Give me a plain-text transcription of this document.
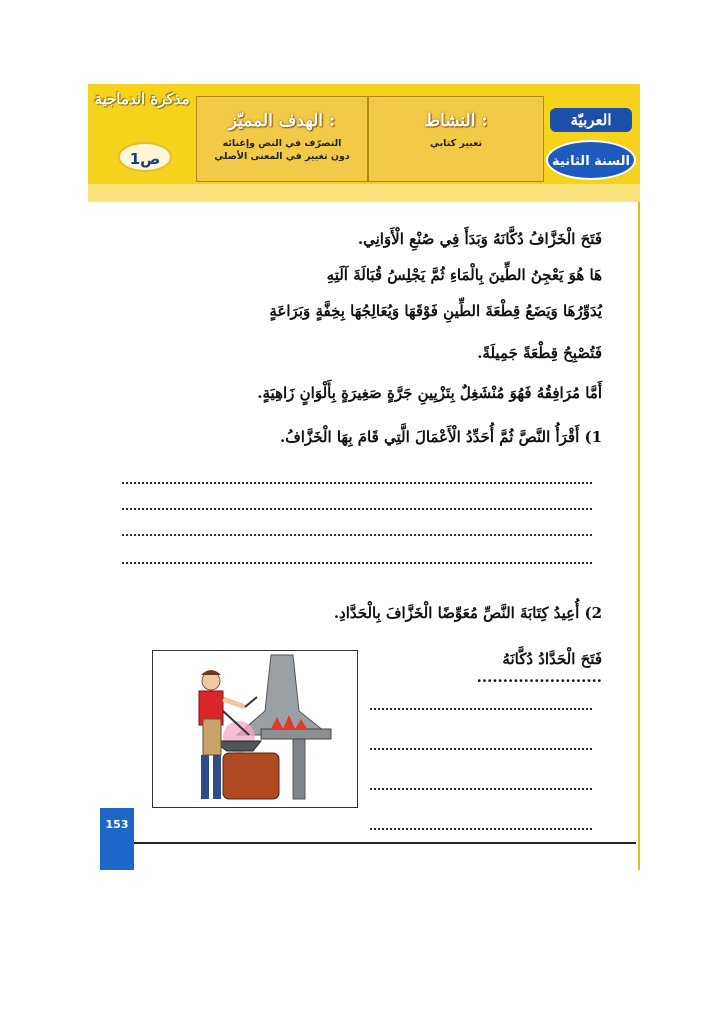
مذكرة اندماجية
1ص
الهدف المميّز :
التصرّف في النص وإغنائه
دون تغيير في المعنى الأصلي
النشاط :
تعبير كتابي
العربيّة
السنة الثانية
فَتَحَ الْخَزَّافُ دُكَّانَهُ وَبَدَأَ فِي صُنْعِ الْأَوَانِي.
هَا هُوَ يَعْجِنُ الطِّينَ بِالْمَاءِ ثُمَّ يَجْلِسُ قُبَالَةَ آلَتِهِ
يُدَوِّرُهَا وَيَضَعُ قِطْعَةَ الطِّينِ فَوْقَهَا وَيُعَالِجُهَا بِخِفَّةٍ وَبَرَاعَةٍ
فَتُصْبِحُ قِطْعَةً جَمِيلَةً.
أَمَّا مُرَافِقُهُ فَهُوَ مُنْشَغِلٌ بِتَزْيِينِ جَرَّةٍ صَغِيرَةٍ بِأَلْوَانٍ زَاهِيَةٍ.
1) أَقْرَأُ النَّصَّ ثُمَّ أُحَدِّدُ الْأَعْمَالَ الَّتِي قَامَ بِهَا الْخَزَّافُ.
2) أُعِيدُ كِتَابَةَ النَّصِّ مُعَوِّضًا الْخَزَّافَ بِالْحَدَّادِ.
فَتَحَ الْحَدَّادُ دُكَّانَهُ ........................
153
